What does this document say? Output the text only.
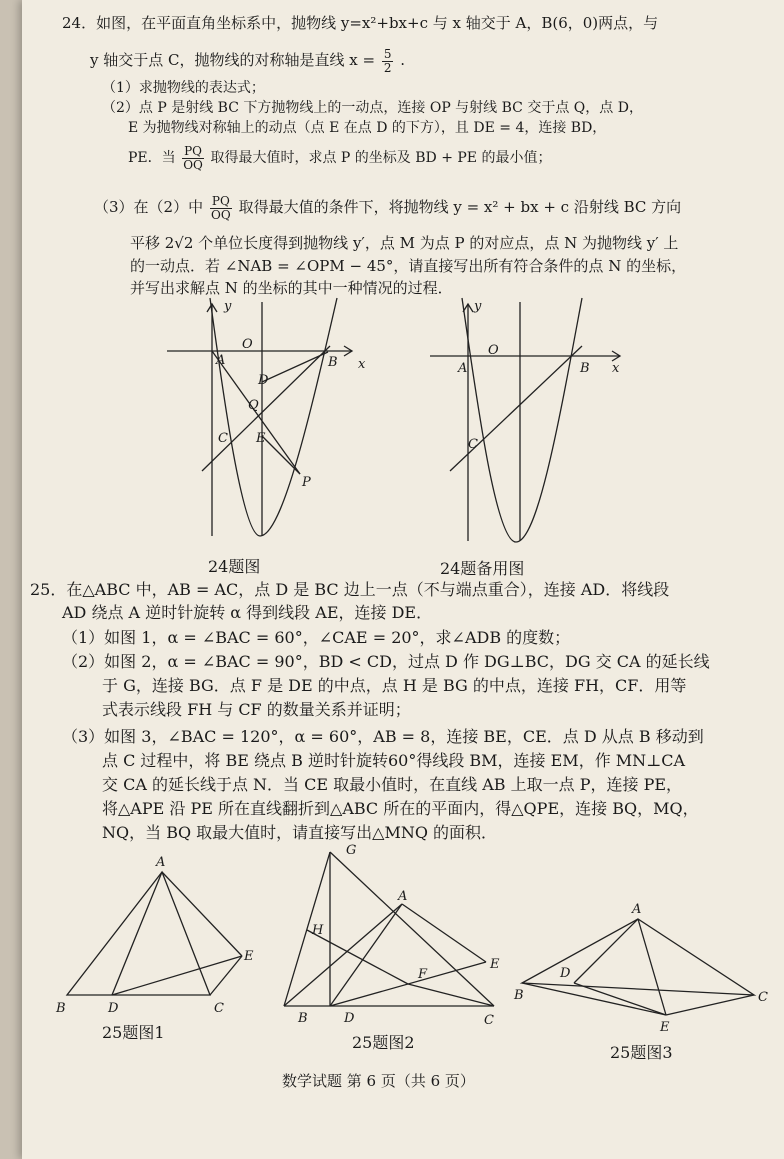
24．如图，在平面直角坐标系中，抛物线 y=x²+bx+c 与 x 轴交于 A，B(6，0)两点，与
y 轴交于点 C，抛物线的对称轴是直线 $x = \frac{5}{2}$ .
（1）求抛物线的表达式；
（2）点 P 是射线 BC 下方抛物线上的一动点，连接 OP 与射线 BC 交于点 Q，点 D，
E 为抛物线对称轴上的动点（点 E 在点 D 的下方），且 DE = 4，连接 BD，
PE．当 $\frac{PQ}{OQ}$ 取得最大值时，求点 P 的坐标及 BD + PE 的最小值；
（3）在（2）中 $\frac{PQ}{OQ}$ 取得最大值的条件下，将抛物线 y = x² + bx + c 沿射线 BC 方向
平移 2√2 个单位长度得到抛物线 y′，点 M 为点 P 的对应点，点 N 为抛物线 y′ 上
的一动点．若 ∠NAB = ∠OPM − 45°，请直接写出所有符合条件的点 N 的坐标，
并写出求解点 N 的坐标的其中一种情况的过程．
y
x
O
A	B
C
D
E
Q
P
24题图
y
x
O
A	B
C
24题备用图
25．在△ABC 中，AB = AC，点 D 是 BC 边上一点（不与端点重合），连接 AD．将线段
AD 绕点 A 逆时针旋转 α 得到线段 AE，连接 DE．
（1）如图 1，α = ∠BAC = 60°，∠CAE = 20°，求∠ADB 的度数；
（2）如图 2，α = ∠BAC = 90°，BD < CD，过点 D 作 DG⊥BC，DG 交 CA 的延长线
于 G，连接 BG．点 F 是 DE 的中点，点 H 是 BG 的中点，连接 FH，CF．用等
式表示线段 FH 与 CF 的数量关系并证明；
（3）如图 3，∠BAC = 120°，α = 60°，AB = 8，连接 BE，CE．点 D 从点 B 移动到
点 C 过程中，将 BE 绕点 B 逆时针旋转60°得线段 BM，连接 EM，作 MN⊥CA
交 CA 的延长线于点 N．当 CE 取最小值时，在直线 AB 上取一点 P，连接 PE，
将△APE 沿 PE 所在直线翻折到△ABC 所在的平面内，得△QPE，连接 BQ，MQ，
NQ，当 BQ 取最大值时，请直接写出△MNQ 的面积．
A
B	D	C
E
25题图1
G
H
A
E
F
B	D	C
25题图2
A
B
D
C
E
25题图3
数学试题 第 6 页（共 6 页）
